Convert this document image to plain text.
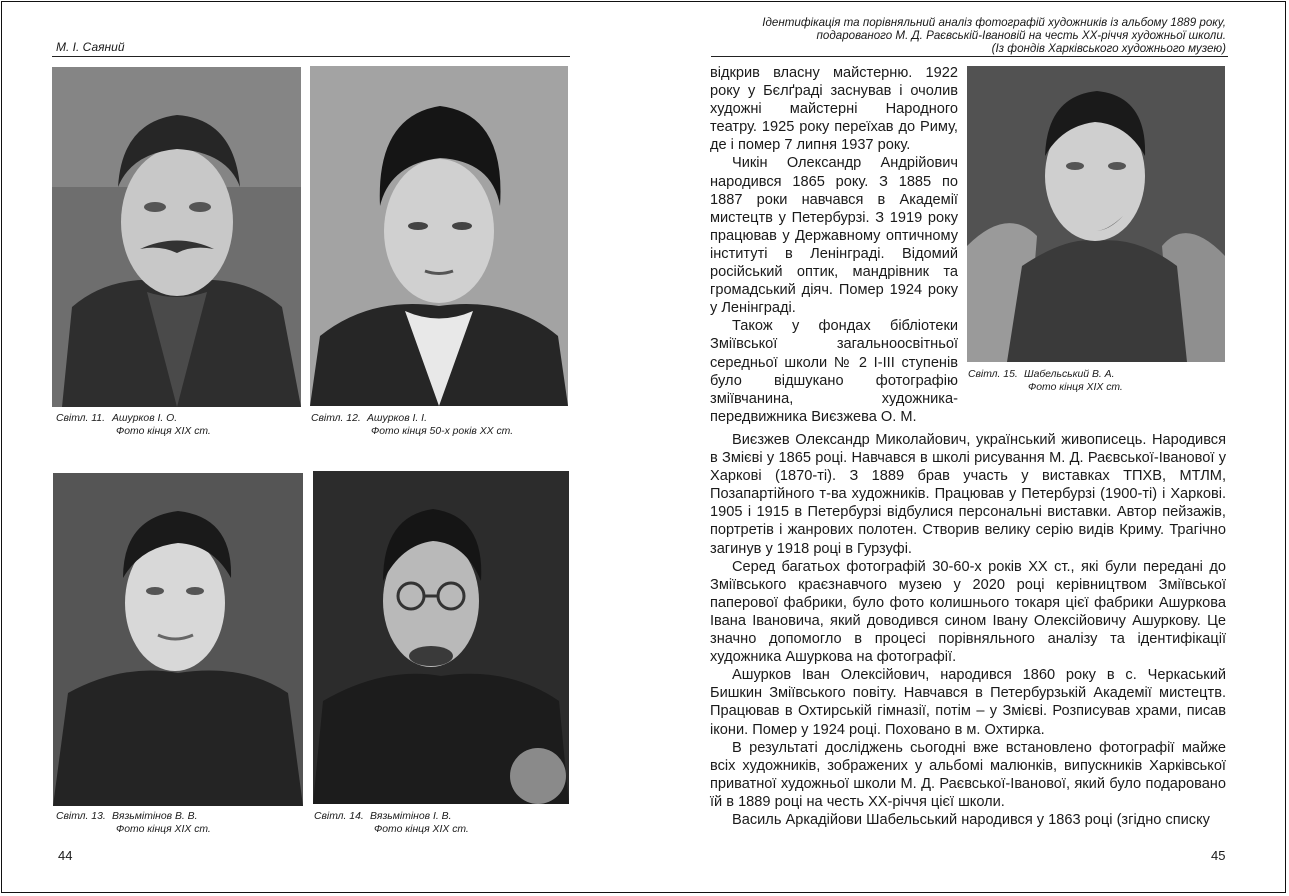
М. І. Саяний
Світл. 11. Ашурков І. О.
Фото кінця XIX ст.
Світл. 12. Ашурков І. І.
Фото кінця 50-х років XX ст.
Світл. 13. Вязьмітінов В. В.
Фото кінця XIX ст.
Світл. 14. Вязьмітінов І. В.
Фото кінця XIX ст.
44
Ідентифікація та порівняльний аналіз фотографій художників із альбому 1889 року,
подарованого М. Д. Раєвській-Івановій на честь XX-річчя художньої школи.
(Із фондів Харківського художнього музею)

відкрив власну майстерню. 1922 року у Бєлґраді заснував і очолив художні майстерні Народного театру. 1925 року переїхав до Риму, де і помер 7 липня 1937 року.

Чикін Олександр Андрійович народився 1865 року. З 1885 по 1887 роки навчався в Академії мистецтв у Петербурзі. З 1919 року працював у Державному оптичному інституті в Ленінграді. Відомий російський оптик, мандрівник та громадський діяч. Помер 1924 року у Ленінграді.

Також у фондах бібліотеки Зміївської загальноосвітньої середньої школи № 2 І-ІІІ ступенів було відшукано фотографію зміївчанина, художника-передвижника Виєзжева О. М.

Світл. 15. Шабельський В. А.
Фото кінця XIX ст.

Виєзжев Олександр Миколайович, український живописець. Народився в Змієві у 1865 році. Навчався в школі рисування М. Д. Раєвської-Іванової у Харкові (1870-ті). З 1889 брав участь у виставках ТПХВ, МТЛМ, Позапартійного т-ва художників. Працював у Петербурзі (1900-ті) і Харкові. 1905 і 1915 в Петербурзі відбулися персональні виставки. Автор пейзажів, портретів і жанрових полотен. Створив велику серію видів Криму. Трагічно загинув у 1918 році в Гурзуфі.

Серед багатьох фотографій 30-60-х років XX ст., які були передані до Зміївського краєзнавчого музею у 2020 році керівництвом Зміївської паперової фабрики, було фото колишнього токаря цієї фабрики Ашуркова Івана Івановича, який доводився сином Івану Олексійовичу Ашуркову. Це значно допомогло в процесі порівняльного аналізу та ідентифікації художника Ашуркова на фотографії.

Ашурков Іван Олексійович, народився 1860 року в с. Черкаський Бишкин Зміївського повіту. Навчався в Петербурзькій Академії мистецтв. Працював в Охтирській гімназії, потім – у Змієві. Розписував храми, писав ікони. Помер у 1924 році. Поховано в м. Охтирка.

В результаті досліджень сьогодні вже встановлено фотографії майже всіх художників, зображених у альбомі малюнків, випускників Харківської приватної художньої школи М. Д. Раєвської-Іванової, який було подаровано їй в 1889 році на честь XX-річчя цієї школи.

Василь Аркадійови Шабельський народився у 1863 році (згідно списку

45
